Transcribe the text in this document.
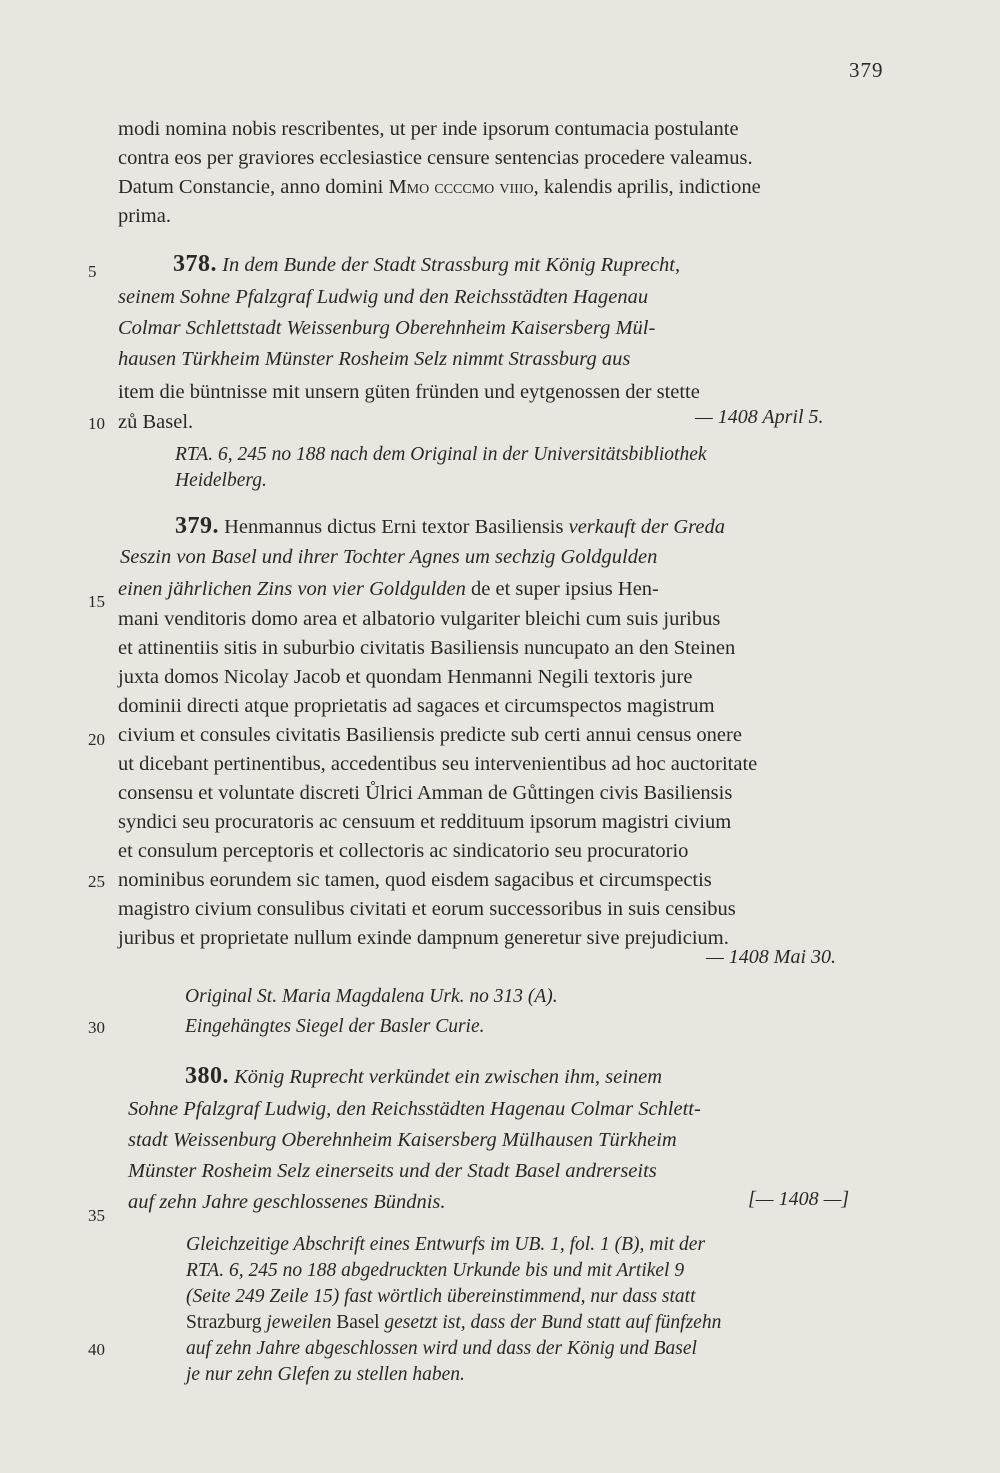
379
modi nomina nobis rescribentes, ut per inde ipsorum contumacia postulante
contra eos per graviores ecclesiastice censure sentencias procedere valeamus.
Datum Constancie, anno domini Mmo ccccmo viiio, kalendis aprilis, indictione
prima.
5	378. In dem Bunde der Stadt Strassburg mit König Ruprecht,
seinem Sohne Pfalzgraf Ludwig und den Reichsstädten Hagenau
Colmar Schlettstadt Weissenburg Oberehnheim Kaisersberg Mül-
hausen Türkheim Münster Rosheim Selz nimmt Strassburg aus
item die büntnisse mit unsern güten fründen und eytgenossen der stette
10 zů Basel.	— 1408 April 5.
RTA. 6, 245 no 188 nach dem Original in der Universitätsbibliothek
Heidelberg.
379. Henmannus dictus Erni textor Basiliensis verkauft der Greda
Seszin von Basel und ihrer Tochter Agnes um sechzig Goldgulden
15
einen jährlichen Zins von vier Goldgulden de et super ipsius Hen-
mani venditoris domo area et albatorio vulgariter bleichi cum suis juribus
et attinentiis sitis in suburbio civitatis Basiliensis nuncupato an den Steinen
juxta domos Nicolay Jacob et quondam Henmanni Negili textoris jure
dominii directi atque proprietatis ad sagaces et circumspectos magistrum
20 civium et consules civitatis Basiliensis predicte sub certi annui census onere
ut dicebant pertinentibus, accedentibus seu intervenientibus ad hoc auctoritate
consensu et voluntate discreti Ůlrici Amman de Gůttingen civis Basiliensis
syndici seu procuratoris ac censuum et reddituum ipsorum magistri civium
et consulum perceptoris et collectoris ac sindicatorio seu procuratorio
25 nominibus eorundem sic tamen, quod eisdem sagacibus et circumspectis
magistro civium consulibus civitati et eorum successoribus in suis censibus
juribus et proprietate nullum exinde dampnum generetur sive prejudicium.
— 1408 Mai 30.
Original St. Maria Magdalena Urk. no 313 (A).
30	Eingehängtes Siegel der Basler Curie.
380. König Ruprecht verkündet ein zwischen ihm, seinem
Sohne Pfalzgraf Ludwig, den Reichsstädten Hagenau Colmar Schlett-
stadt Weissenburg Oberehnheim Kaisersberg Mülhausen Türkheim
Münster Rosheim Selz einerseits und der Stadt Basel andrerseits
35
auf zehn Jahre geschlossenes Bündnis.	[— 1408 —]
Gleichzeitige Abschrift eines Entwurfs im UB. 1, fol. 1 (B), mit der
RTA. 6, 245 no 188 abgedruckten Urkunde bis und mit Artikel 9
(Seite 249 Zeile 15) fast wörtlich übereinstimmend, nur dass statt
Strazburg jeweilen Basel gesetzt ist, dass der Bund statt auf fünfzehn
40	auf zehn Jahre abgeschlossen wird und dass der König und Basel
je nur zehn Glefen zu stellen haben.
